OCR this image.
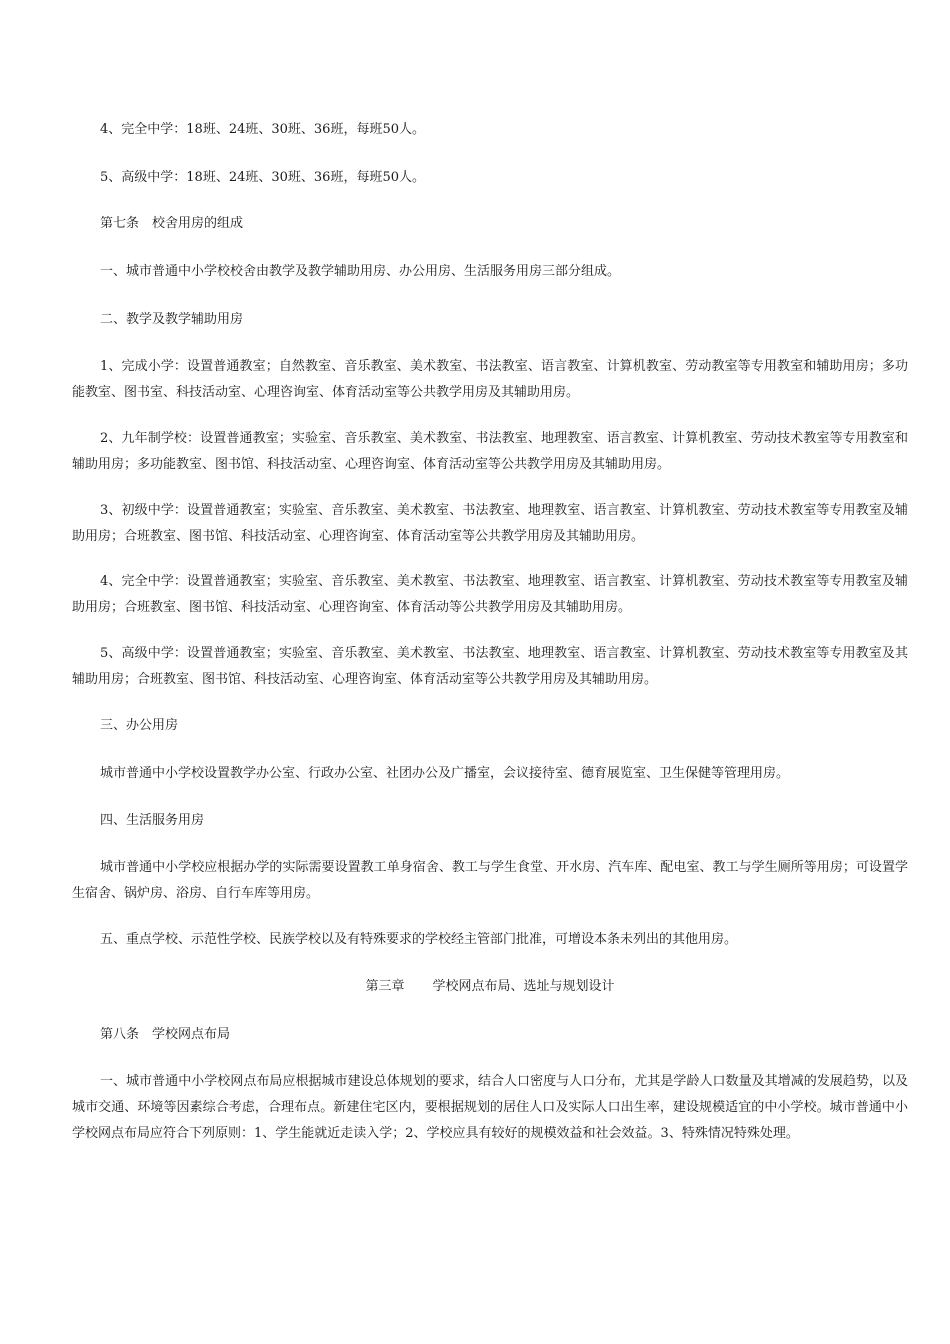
4、完全中学：18班、24班、30班、36班，每班50人。

5、高级中学：18班、24班、30班、36班，每班50人。

第七条　校舍用房的组成

一、城市普通中小学校校舍由教学及教学辅助用房、办公用房、生活服务用房三部分组成。

二、教学及教学辅助用房

1、完成小学：设置普通教室；自然教室、音乐教室、美术教室、书法教室、语言教室、计算机教室、劳动教室等专用教室和辅助用房；多功能教室、图书室、科技活动室、心理咨询室、体育活动室等公共教学用房及其辅助用房。

2、九年制学校：设置普通教室；实验室、音乐教室、美术教室、书法教室、地理教室、语言教室、计算机教室、劳动技术教室等专用教室和辅助用房；多功能教室、图书馆、科技活动室、心理咨询室、体育活动室等公共教学用房及其辅助用房。

3、初级中学：设置普通教室；实验室、音乐教室、美术教室、书法教室、地理教室、语言教室、计算机教室、劳动技术教室等专用教室及辅助用房；合班教室、图书馆、科技活动室、心理咨询室、体育活动室等公共教学用房及其辅助用房。

4、完全中学：设置普通教室；实验室、音乐教室、美术教室、书法教室、地理教室、语言教室、计算机教室、劳动技术教室等专用教室及辅助用房；合班教室、图书馆、科技活动室、心理咨询室、体育活动等公共教学用房及其辅助用房。

5、高级中学：设置普通教室；实验室、音乐教室、美术教室、书法教室、地理教室、语言教室、计算机教室、劳动技术教室等专用教室及其辅助用房；合班教室、图书馆、科技活动室、心理咨询室、体育活动室等公共教学用房及其辅助用房。

三、办公用房

城市普通中小学校设置教学办公室、行政办公室、社团办公及广播室，会议接待室、德育展览室、卫生保健等管理用房。

四、生活服务用房

城市普通中小学校应根据办学的实际需要设置教工单身宿舍、教工与学生食堂、开水房、汽车库、配电室、教工与学生厕所等用房；可设置学生宿舍、锅炉房、浴房、自行车库等用房。

五、重点学校、示范性学校、民族学校以及有特殊要求的学校经主管部门批准，可增设本条未列出的其他用房。

第三章 学校网点布局、选址与规划设计

第八条　学校网点布局

一、城市普通中小学校网点布局应根据城市建设总体规划的要求，结合人口密度与人口分布，尤其是学龄人口数量及其增减的发展趋势，以及城市交通、环境等因素综合考虑，合理布点。新建住宅区内，要根据规划的居住人口及实际人口出生率，建设规模适宜的中小学校。城市普通中小学校网点布局应符合下列原则：1、学生能就近走读入学；2、学校应具有较好的规模效益和社会效益。3、特殊情况特殊处理。
